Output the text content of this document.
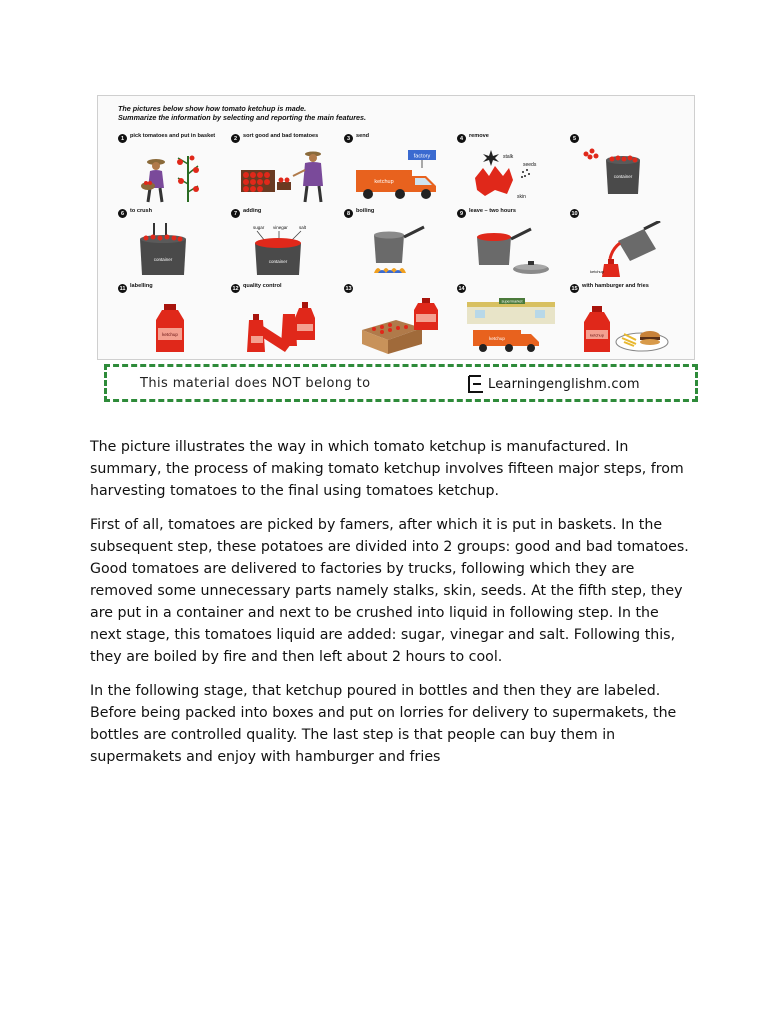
The pictures below show how tomato ketchup is made.
Summarize the information by selecting and reporting the main features.
1	pick tomatoes and put in basket	2	sort good and bad tomatoes	3	send
factory
ketchup
4	remove
stalk
seeds
skin
5
container
6	to crush
container
7	adding
sugar vinegar salt
container
8	boiling	9	leave – two hours	10
ketchup
11 labelling
ketchup
12 quality control	13	14
supermarket
ketchup
15 with hamburger and fries
ketchup
This material does NOT belong to	Learningenglishm.com

The picture illustrates the way in which tomato ketchup is manufactured. In summary, the process of making tomato ketchup involves fifteen major steps, from harvesting tomatoes to the final using tomatoes ketchup.

First of all, tomatoes are picked by famers, after which it is put in baskets. In the subsequent step, these potatoes are divided into 2 groups: good and bad tomatoes. Good tomatoes are delivered to factories by trucks, following which they are removed some unnecessary parts namely stalks, skin, seeds. At the fifth step, they are put in a container and next to be crushed into liquid in following step. In the next stage, this tomatoes liquid are added: sugar, vinegar and salt. Following this, they are boiled by fire and then left about 2 hours to cool.

In the following stage, that ketchup poured in bottles and then they are labeled. Before being packed into boxes and put on lorries for delivery to supermakets, the bottles are controlled quality. The last step is that people can buy them in supermakets and enjoy with hamburger and fries
